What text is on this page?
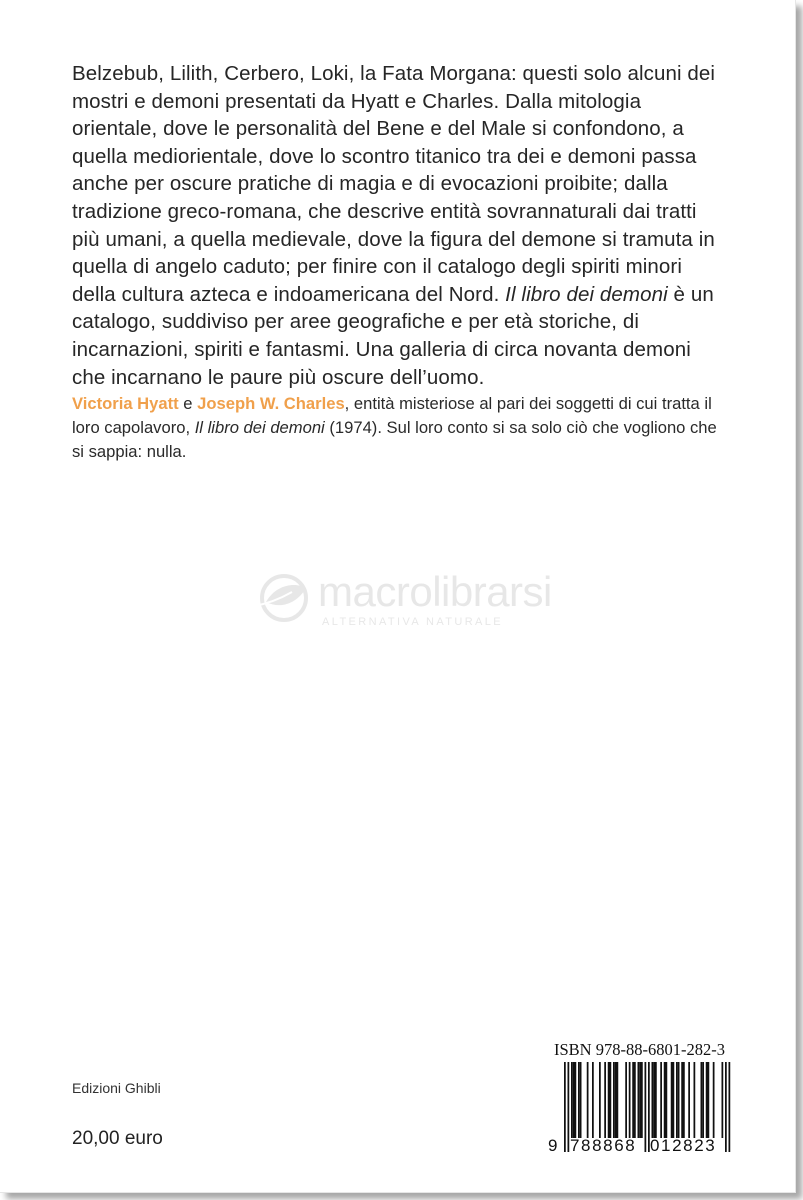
Belzebub, Lilith, Cerbero, Loki, la Fata Morgana: questi solo alcuni dei mostri e demoni presentati da Hyatt e Charles. Dalla mitologia orientale, dove le personalità del Bene e del Male si confondono, a quella mediorientale, dove lo scontro titanico tra dei e demoni passa anche per oscure pratiche di magia e di evocazioni proibite; dalla tradizione greco-romana, che descrive entità sovrannaturali dai tratti più umani, a quella medievale, dove la figura del demone si tramuta in quella di angelo caduto; per finire con il catalogo degli spiriti minori della cultura azteca e indoamericana del Nord. Il libro dei demoni è un catalogo, suddiviso per aree geografiche e per età storiche, di incarnazioni, spiriti e fantasmi. Una galleria di circa novanta demoni che incarnano le paure più oscure dell’uomo.

Victoria Hyatt e Joseph W. Charles, entità misteriose al pari dei soggetti di cui tratta il loro capolavoro, Il libro dei demoni (1974). Sul loro conto si sa solo ciò che vogliono che si sappia: nulla.

macrolibrarsi
ALTERNATIVA NATURALE
Edizioni Ghibli
20,00 euro
ISBN 978-88-6801-282-3
9 788868 012823
